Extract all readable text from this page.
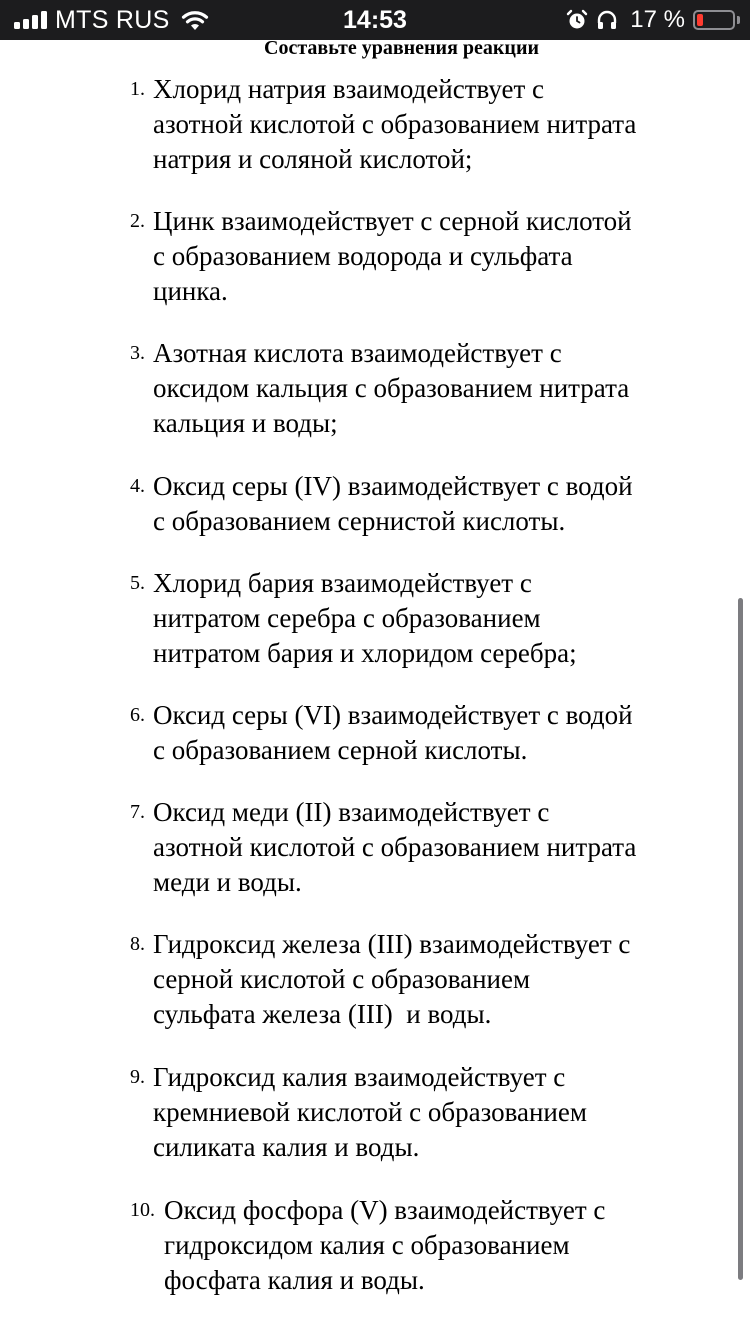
MTS RUS	14:53	17 %
Составьте уравнения реакции
1. Хлорид натрия взаимодействует с
азотной кислотой с образованием нитрата
натрия и соляной кислотой;
2. Цинк взаимодействует с серной кислотой
с образованием водорода и сульфата
цинка.
3. Азотная кислота взаимодействует с
оксидом кальция с образованием нитрата
кальция и воды;
4. Оксид серы (IV) взаимодействует с водой
с образованием сернистой кислоты.
5. Хлорид бария взаимодействует с
нитратом серебра с образованием
нитратом бария и хлоридом серебра;
6. Оксид серы (VI) взаимодействует с водой
с образованием серной кислоты.
7. Оксид меди (II) взаимодействует с
азотной кислотой с образованием нитрата
меди и воды.
8. Гидроксид железа (III) взаимодействует с
серной кислотой с образованием
сульфата железа (III)  и воды.
9. Гидроксид калия взаимодействует с
кремниевой кислотой с образованием
силиката калия и воды.
10. Оксид фосфора (V) взаимодействует с
гидроксидом калия с образованием
фосфата калия и воды.
